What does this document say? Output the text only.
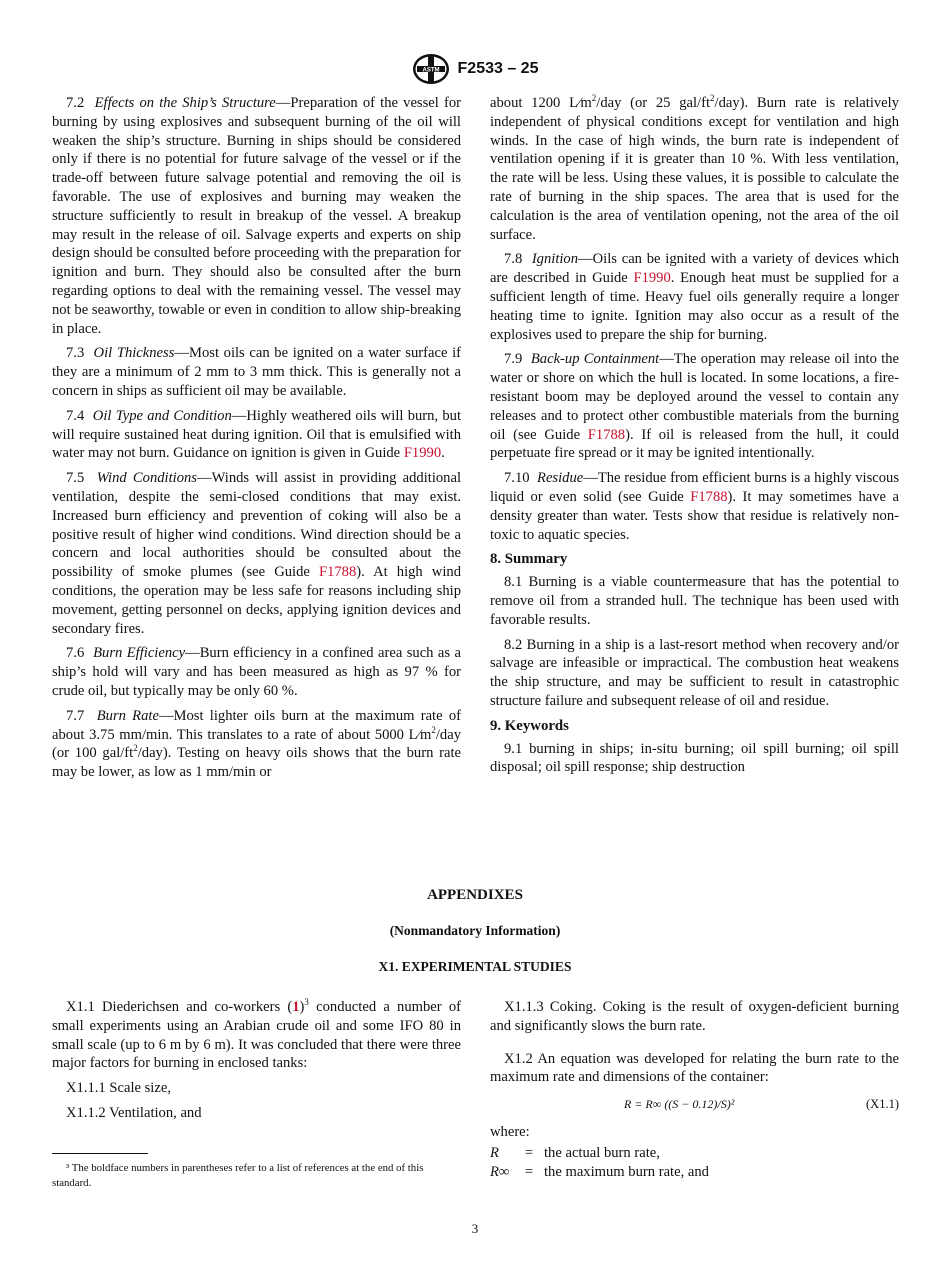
ASTM F2533 – 25

7.2 Effects on the Ship’s Structure—Preparation of the vessel for burning by using explosives and subsequent burning of the oil will weaken the ship’s structure. Burning in ships should be considered only if there is no potential for future salvage of the vessel or if the trade-off between future salvage potential and removing the oil is favorable. The use of explosives and burning may weaken the structure sufficiently to result in breakup of the vessel. A breakup may result in the release of oil. Salvage experts and experts on ship design should be consulted before proceeding with the preparation for ignition and burn. They should also be consulted after the burn regarding options to deal with the remaining vessel. The vessel may not be seaworthy, towable or even in condition to allow ship-breaking in place.

7.3 Oil Thickness—Most oils can be ignited on a water surface if they are a minimum of 2 mm to 3 mm thick. This is generally not a concern in ships as sufficient oil may be available.

7.4 Oil Type and Condition—Highly weathered oils will burn, but will require sustained heat during ignition. Oil that is emulsified with water may not burn. Guidance on ignition is given in Guide F1990.

7.5 Wind Conditions—Winds will assist in providing additional ventilation, despite the semi-closed conditions that may exist. Increased burn efficiency and prevention of coking will also be a positive result of higher wind conditions. Wind direction should be a concern and local authorities should be consulted about the possibility of smoke plumes (see Guide F1788). At high wind conditions, the operation may be less safe for reasons including ship movement, getting personnel on decks, applying ignition devices and secondary fires.

7.6 Burn Efficiency—Burn efficiency in a confined area such as a ship’s hold will vary and has been measured as high as 97 % for crude oil, but typically may be only 60 %.

7.7 Burn Rate—Most lighter oils burn at the maximum rate of about 3.75 mm/min. This translates to a rate of about 5000 $L⁄m^2$/day (or 100 gal/$ft^2/day$). Testing on heavy oils shows that the burn rate may be lower, as low as 1 mm/min or

about 1200 $L⁄m^2$/day (or 25 gal/$ft^2/day$). Burn rate is relatively independent of physical conditions except for ventilation and high winds. In the case of high winds, the burn rate is independent of ventilation opening if it is greater than 10 %. With less ventilation, the rate will be less. Using these values, it is possible to calculate the rate of burning in the ship spaces. The area that is used for the calculation is the area of ventilation opening, not the area of the oil surface.

7.8 Ignition—Oils can be ignited with a variety of devices which are described in Guide F1990. Enough heat must be supplied for a sufficient length of time. Heavy fuel oils generally require a longer heating time to ignite. Ignition may also occur as a result of the explosives used to prepare the ship for burning.

7.9 Back-up Containment—The operation may release oil into the water or shore on which the hull is located. In some locations, a fire-resistant boom may be deployed around the vessel to contain any releases and to protect other combustible materials from the burning oil (see Guide F1788). If oil is released from the hull, it could perpetuate fire spread or it may be ignited intentionally.

7.10 Residue—The residue from efficient burns is a highly viscous liquid or even solid (see Guide F1788). It may sometimes have a density greater than water. Tests show that residue is relatively non-toxic to aquatic species.

8. Summary

8.1 Burning is a viable countermeasure that has the potential to remove oil from a stranded hull. The technique has been used with favorable results.

8.2 Burning in a ship is a last-resort method when recovery and/or salvage are infeasible or impractical. The combustion heat weakens the ship structure, and may be sufficient to result in catastrophic structure failure and subsequent release of oil and residue.

9. Keywords

9.1 burning in ships; in-situ burning; oil spill burning; oil spill disposal; oil spill response; ship destruction

APPENDIXES
(Nonmandatory Information)
X1. EXPERIMENTAL STUDIES

X1.1 Diederichsen and co-workers $(1)^3$ conducted a number of small experiments using an Arabian crude oil and some IFO 80 in small scale (up to 6 m by 6 m). It was concluded that there were three major factors for burning in enclosed tanks:

X1.1.1 Scale size,

X1.1.2 Ventilation, and

X1.1.3 Coking. Coking is the result of oxygen-deficient burning and significantly slows the burn rate.

X1.2 An equation was developed for relating the burn rate to the maximum rate and dimensions of the container:

R = R∞ ((S − 0.12)/S)²	(X1.1)

where:

R	=	the actual burn rate,
R∞	=	the maximum burn rate, and
³ The boldface numbers in parentheses refer to a list of references at the end of this standard.
3
